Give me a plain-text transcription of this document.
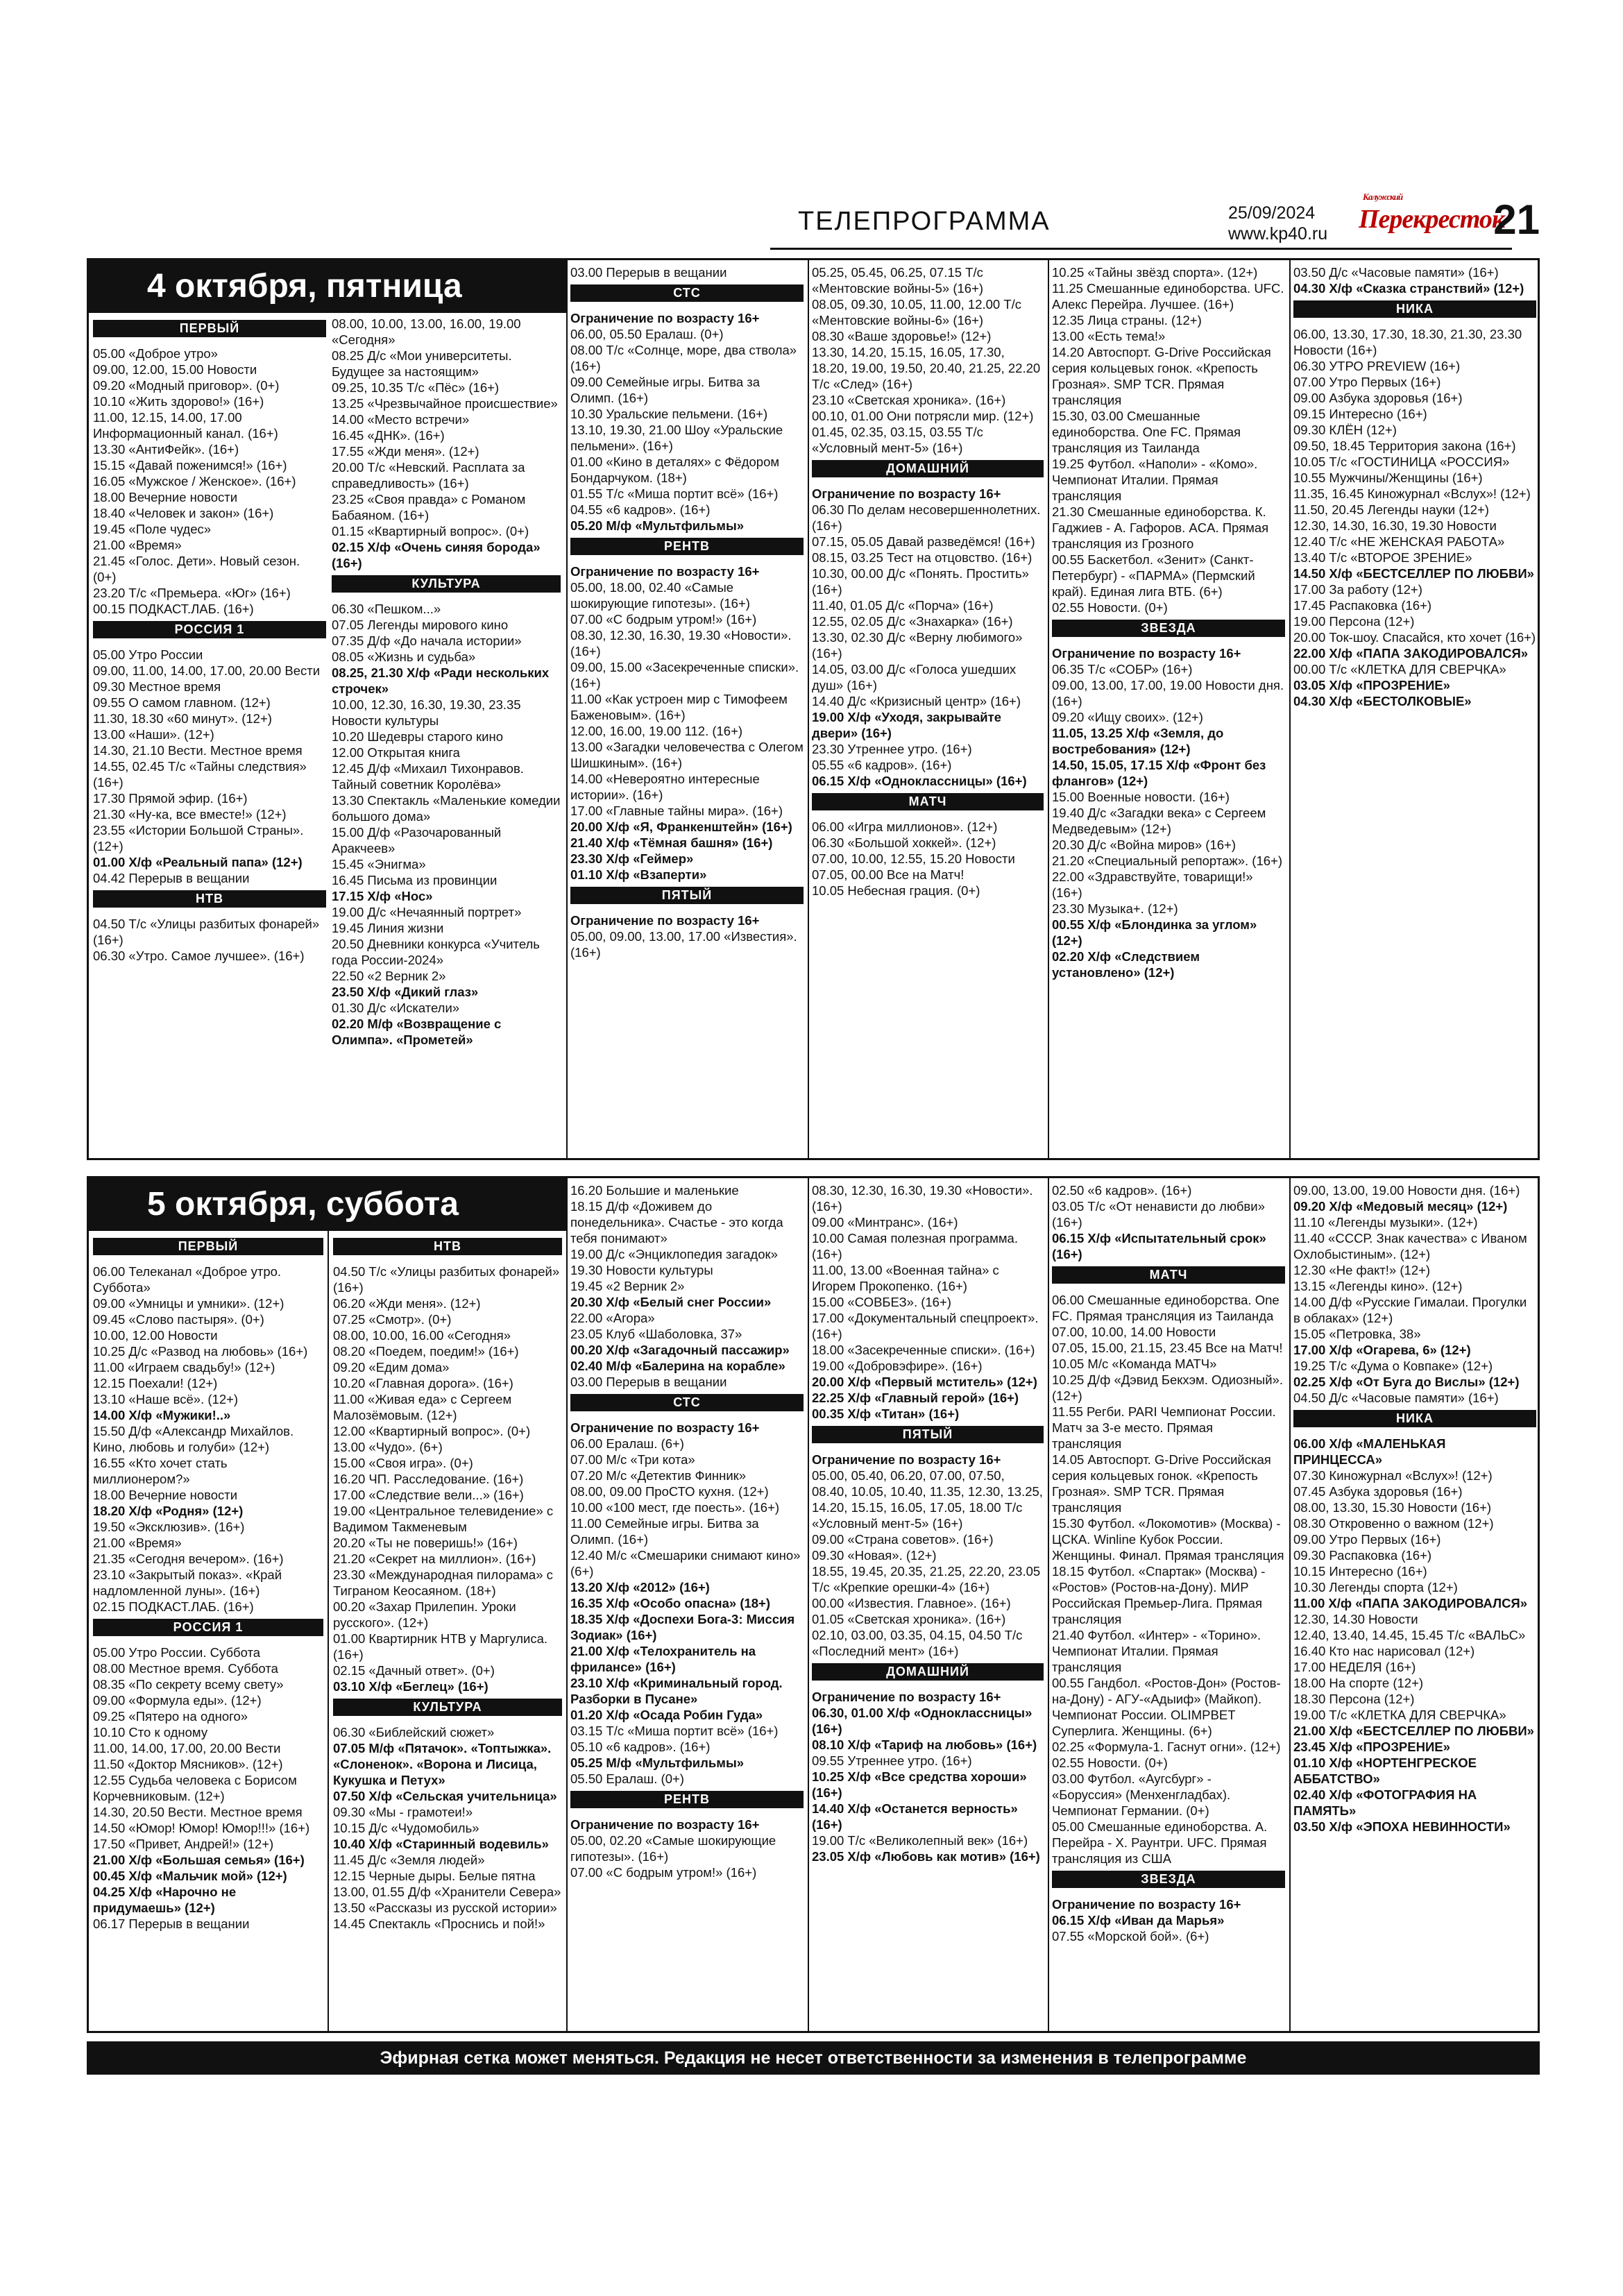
ТЕЛЕПРОГРАММА	25/09/2024
www.kp40.ru
Калужский
Перекресток
21
4 октября, пятница
ПЕРВЫЙ
05.00 «Доброе утро»
09.00, 12.00, 15.00 Новости
09.20 «Модный приговор». (0+)
10.10 «Жить здорово!» (16+)
11.00, 12.15, 14.00, 17.00
Информационный канал. (16+)
13.30 «АнтиФейк». (16+)
15.15 «Давай поженимся!» (16+)
16.05 «Мужское / Женское». (16+)
18.00 Вечерние новости
18.40 «Человек и закон» (16+)
19.45 «Поле чудес»
21.00 «Время»
21.45 «Голос. Дети». Новый сезон. (0+)
23.20 Т/с «Премьера. «Юг» (16+)
00.15 ПОДКАСТ.ЛАБ. (16+)
РОССИЯ 1
05.00 Утро России
09.00, 11.00, 14.00, 17.00, 20.00 Вести
09.30 Местное время
09.55 О самом главном. (12+)
11.30, 18.30 «60 минут». (12+)
13.00 «Наши». (12+)
14.30, 21.10 Вести. Местное время
14.55, 02.45 Т/с «Тайны следствия» (16+)
17.30 Прямой эфир. (16+)
21.30 «Ну-ка, все вместе!» (12+)
23.55 «Истории Большой Страны». (12+)
01.00 Х/ф «Реальный папа» (12+)
04.42 Перерыв в вещании
НТВ
04.50 Т/с «Улицы разбитых фонарей» (16+)
06.30 «Утро. Самое лучшее». (16+)
08.00, 10.00, 13.00, 16.00, 19.00 «Сегодня»
08.25 Д/с «Мои университеты. Будущее за настоящим»
09.25, 10.35 Т/с «Пёс» (16+)
13.25 «Чрезвычайное происшествие»
14.00 «Место встречи»
16.45 «ДНК». (16+)
17.55 «Жди меня». (12+)
20.00 Т/с «Невский. Расплата за справедливость» (16+)
23.25 «Своя правда» с Романом Бабаяном. (16+)
01.15 «Квартирный вопрос». (0+)
02.15 Х/ф «Очень синяя борода» (16+)
КУЛЬТУРА
06.30 «Пешком...»
07.05 Легенды мирового кино
07.35 Д/ф «До начала истории»
08.05 «Жизнь и судьба»
08.25, 21.30 Х/ф «Ради нескольких строчек»
10.00, 12.30, 16.30, 19.30, 23.35 Новости культуры
10.20 Шедевры старого кино
12.00 Открытая книга
12.45 Д/ф «Михаил Тихонравов. Тайный советник Королёва»
13.30 Спектакль «Маленькие комедии большого дома»
15.00 Д/ф «Разочарованный Аракчеев»
15.45 «Энигма»
16.45 Письма из провинции
17.15 Х/ф «Нос»
19.00 Д/с «Нечаянный портрет»
19.45 Линия жизни
20.50 Дневники конкурса «Учитель года России-2024»
22.50 «2 Верник 2»
23.50 Х/ф «Дикий глаз»
01.30 Д/с «Искатели»
02.20 М/ф «Возвращение с Олимпа». «Прометей»
03.00 Перерыв в вещании
СТС
Ограничение по возрасту 16+
06.00, 05.50 Ералаш. (0+)
08.00 Т/с «Солнце, море, два ствола» (16+)
09.00 Семейные игры. Битва за Олимп. (16+)
10.30 Уральские пельмени. (16+)
13.10, 19.30, 21.00 Шоу «Уральские пельмени». (16+)
01.00 «Кино в деталях» с Фёдором Бондарчуком. (18+)
01.55 Т/с «Миша портит всё» (16+)
04.55 «6 кадров». (16+)
05.20 М/ф «Мультфильмы»
РЕНТВ
Ограничение по возрасту 16+
05.00, 18.00, 02.40 «Самые шокирующие гипотезы». (16+)
07.00 «С бодрым утром!» (16+)
08.30, 12.30, 16.30, 19.30 «Новости». (16+)
09.00, 15.00 «Засекреченные списки». (16+)
11.00 «Как устроен мир с Тимофеем Баженовым». (16+)
12.00, 16.00, 19.00 112. (16+)
13.00 «Загадки человечества с Олегом Шишкиным». (16+)
14.00 «Невероятно интересные истории». (16+)
17.00 «Главные тайны мира». (16+)
20.00 Х/ф «Я, Франкенштейн» (16+)
21.40 Х/ф «Тёмная башня» (16+)
23.30 Х/ф «Геймер»
01.10 Х/ф «Взаперти»
ПЯТЫЙ
Ограничение по возрасту 16+
05.00, 09.00, 13.00, 17.00 «Известия». (16+)
05.25, 05.45, 06.25, 07.15 Т/с «Ментовские войны-5» (16+)
08.05, 09.30, 10.05, 11.00, 12.00 Т/с «Ментовские войны-6» (16+)
08.30 «Ваше здоровье!» (12+)
13.30, 14.20, 15.15, 16.05, 17.30, 18.20, 19.00, 19.50, 20.40, 21.25, 22.20 Т/с «След» (16+)
23.10 «Светская хроника». (16+)
00.10, 01.00 Они потрясли мир. (12+)
01.45, 02.35, 03.15, 03.55 Т/с «Условный мент-5» (16+)
ДОМАШНИЙ
Ограничение по возрасту 16+
06.30 По делам несовершеннолетних. (16+)
07.15, 05.05 Давай разведёмся! (16+)
08.15, 03.25 Тест на отцовство. (16+)
10.30, 00.00 Д/с «Понять. Простить» (16+)
11.40, 01.05 Д/с «Порча» (16+)
12.55, 02.05 Д/с «Знахарка» (16+)
13.30, 02.30 Д/с «Верну любимого» (16+)
14.05, 03.00 Д/с «Голоса ушедших душ» (16+)
14.40 Д/с «Кризисный центр» (16+)
19.00 Х/ф «Уходя, закрывайте двери» (16+)
23.30 Утреннее утро. (16+)
05.55 «6 кадров». (16+)
06.15 Х/ф «Одноклассницы» (16+)
МАТЧ
06.00 «Игра миллионов». (12+)
06.30 «Большой хоккей». (12+)
07.00, 10.00, 12.55, 15.20 Новости
07.05, 00.00 Все на Матч!
10.05 Небесная грация. (0+)
10.25 «Тайны звёзд спорта». (12+)
11.25 Смешанные единоборства. UFC. Алекс Перейра. Лучшее. (16+)
12.35 Лица страны. (12+)
13.00 «Есть тема!»
14.20 Автоспорт. G-Drive Российская серия кольцевых гонок. «Крепость Грозная». SMP TCR. Прямая трансляция
15.30, 03.00 Смешанные единоборства. One FC. Прямая трансляция из Таиланда
19.25 Футбол. «Наполи» - «Комо». Чемпионат Италии. Прямая трансляция
21.30 Смешанные единоборства. К. Гаджиев - А. Гафоров. ACA. Прямая трансляция из Грозного
00.55 Баскетбол. «Зенит» (Санкт-Петербург) - «ПАРМА» (Пермский край). Единая лига ВТБ. (6+)
02.55 Новости. (0+)
ЗВЕЗДА
Ограничение по возрасту 16+
06.35 Т/с «СОБР» (16+)
09.00, 13.00, 17.00, 19.00 Новости дня. (16+)
09.20 «Ищу своих». (12+)
11.05, 13.25 Х/ф «Земля, до востребования» (12+)
14.50, 15.05, 17.15 Х/ф «Фронт без флангов» (12+)
15.00 Военные новости. (16+)
19.40 Д/с «Загадки века» с Сергеем Медведевым» (12+)
20.30 Д/с «Война миров» (16+)
21.20 «Специальный репортаж». (16+)
22.00 «Здравствуйте, товарищи!» (16+)
23.30 Музыка+. (12+)
00.55 Х/ф «Блондинка за углом» (12+)
02.20 Х/ф «Следствием установлено» (12+)
03.50 Д/с «Часовые памяти» (16+)
04.30 Х/ф «Сказка странствий» (12+)
НИКА
06.00, 13.30, 17.30, 18.30, 21.30, 23.30 Новости (16+)
06.30 УТРО PREVIEW (16+)
07.00 Утро Первых (16+)
09.00 Азбука здоровья (16+)
09.15 Интересно (16+)
09.30 КЛЁН (12+)
09.50, 18.45 Территория закона (16+)
10.05 Т/с «ГОСТИНИЦА «РОССИЯ»
10.55 Мужчины/Женщины (16+)
11.35, 16.45 Киножурнал «Вслух»! (12+)
11.50, 20.45 Легенды науки (12+)
12.30, 14.30, 16.30, 19.30 Новости
12.40 Т/с «НЕ ЖЕНСКАЯ РАБОТА»
13.40 Т/с «ВТОРОЕ ЗРЕНИЕ»
14.50 Х/ф «БЕСТСЕЛЛЕР ПО ЛЮБВИ»
17.00 За работу (12+)
17.45 Распаковка (16+)
19.00 Персона (12+)
20.00 Ток-шоу. Спасайся, кто хочет (16+)
22.00 Х/ф «ПАПА ЗАКОДИРОВАЛСЯ»
00.00 Т/с «КЛЕТКА ДЛЯ СВЕРЧКА»
03.05 Х/ф «ПРОЗРЕНИЕ»
04.30 Х/ф «БЕСТОЛКОВЫЕ»
5 октября, суббота
ПЕРВЫЙ
06.00 Телеканал «Доброе утро. Суббота»
09.00 «Умницы и умники». (12+)
09.45 «Слово пастыря». (0+)
10.00, 12.00 Новости
10.25 Д/с «Развод на любовь» (16+)
11.00 «Играем свадьбу!» (12+)
12.15 Поехали! (12+)
13.10 «Наше всё». (12+)
14.00 Х/ф «Мужики!..»
15.50 Д/ф «Александр Михайлов. Кино, любовь и голуби» (12+)
16.55 «Кто хочет стать миллионером?»
18.00 Вечерние новости
18.20 Х/ф «Родня» (12+)
19.50 «Эксклюзив». (16+)
21.00 «Время»
21.35 «Сегодня вечером». (16+)
23.10 «Закрытый показ». «Край надломленной луны». (16+)
02.15 ПОДКАСТ.ЛАБ. (16+)
РОССИЯ 1
05.00 Утро России. Суббота
08.00 Местное время. Суббота
08.35 «По секрету всему свету»
09.00 «Формула еды». (12+)
09.25 «Пятеро на одного»
10.10 Сто к одному
11.00, 14.00, 17.00, 20.00 Вести
11.50 «Доктор Мясников». (12+)
12.55 Судьба человека с Борисом Корчевниковым. (12+)
14.30, 20.50 Вести. Местное время
14.50 «Юмор! Юмор! Юмор!!!» (16+)
17.50 «Привет, Андрей!» (12+)
21.00 Х/ф «Большая семья» (16+)
00.45 Х/ф «Мальчик мой» (12+)
04.25 Х/ф «Нарочно не придумаешь» (12+)
06.17 Перерыв в вещании
НТВ
04.50 Т/с «Улицы разбитых фонарей» (16+)
06.20 «Жди меня». (12+)
07.25 «Смотр». (0+)
08.00, 10.00, 16.00 «Сегодня»
08.20 «Поедем, поедим!» (16+)
09.20 «Едим дома»
10.20 «Главная дорога». (16+)
11.00 «Живая еда» с Сергеем Малозёмовым. (12+)
12.00 «Квартирный вопрос». (0+)
13.00 «Чудо». (6+)
15.00 «Своя игра». (0+)
16.20 ЧП. Расследование. (16+)
17.00 «Следствие вели...» (16+)
19.00 «Центральное телевидение» с Вадимом Такменевым
20.20 «Ты не поверишь!» (16+)
21.20 «Секрет на миллион». (16+)
23.30 «Международная пилорама» с Тиграном Кеосаяном. (18+)
00.20 «Захар Прилепин. Уроки русского». (12+)
01.00 Квартирник НТВ у Маргулиса. (16+)
02.15 «Дачный ответ». (0+)
03.10 Х/ф «Беглец» (16+)
КУЛЬТУРА
06.30 «Библейский сюжет»
07.05 М/ф «Пятачок». «Топтыжка». «Слоненок». «Ворона и Лисица, Кукушка и Петух»
07.50 Х/ф «Сельская учительница»
09.30 «Мы - грамотеи!»
10.15 Д/с «Чудомобиль»
10.40 Х/ф «Старинный водевиль»
11.45 Д/с «Земля людей»
12.15 Черные дыры. Белые пятна
13.00, 01.55 Д/ф «Хранители Севера»
13.50 «Рассказы из русской истории»
14.45 Спектакль «Проснись и пой!»
16.20 Большие и маленькие
18.15 Д/ф «Доживем до понедельника». Счастье - это когда тебя понимают»
19.00 Д/с «Энциклопедия загадок»
19.30 Новости культуры
19.45 «2 Верник 2»
20.30 Х/ф «Белый снег России»
22.00 «Агора»
23.05 Клуб «Шаболовка, 37»
00.20 Х/ф «Загадочный пассажир»
02.40 М/ф «Балерина на корабле»
03.00 Перерыв в вещании
СТС
Ограничение по возрасту 16+
06.00 Ералаш. (6+)
07.00 М/с «Три кота»
07.20 М/с «Детектив Финник»
08.00, 09.00 ПроСТО кухня. (12+)
10.00 «100 мест, где поесть». (16+)
11.00 Семейные игры. Битва за Олимп. (16+)
12.40 М/с «Смешарики снимают кино» (6+)
13.20 Х/ф «2012» (16+)
16.35 Х/ф «Особо опасна» (18+)
18.35 Х/ф «Доспехи Бога-3: Миссия Зодиак» (16+)
21.00 Х/ф «Телохранитель на фрилансе» (16+)
23.10 Х/ф «Криминальный город. Разборки в Пусане»
01.20 Х/ф «Осада Робин Гуда»
03.15 Т/с «Миша портит всё» (16+)
05.10 «6 кадров». (16+)
05.25 М/ф «Мультфильмы»
05.50 Ералаш. (0+)
РЕНТВ
Ограничение по возрасту 16+
05.00, 02.20 «Самые шокирующие гипотезы». (16+)
07.00 «С бодрым утром!» (16+)
08.30, 12.30, 16.30, 19.30 «Новости». (16+)
09.00 «Минтранс». (16+)
10.00 Самая полезная программа. (16+)
11.00, 13.00 «Военная тайна» с Игорем Прокопенко. (16+)
15.00 «СОВБЕЗ». (16+)
17.00 «Документальный спецпроект». (16+)
18.00 «Засекреченные списки». (16+)
19.00 «Добровэфире». (16+)
20.00 Х/ф «Первый мститель» (12+)
22.25 Х/ф «Главный герой» (16+)
00.35 Х/ф «Титан» (16+)
ПЯТЫЙ
Ограничение по возрасту 16+
05.00, 05.40, 06.20, 07.00, 07.50, 08.40, 10.05, 10.40, 11.35, 12.30, 13.25, 14.20, 15.15, 16.05, 17.05, 18.00 Т/с «Условный мент-5» (16+)
09.00 «Страна советов». (16+)
09.30 «Новая». (12+)
18.55, 19.45, 20.35, 21.25, 22.20, 23.05 Т/с «Крепкие орешки-4» (16+)
00.00 «Известия. Главное». (16+)
01.05 «Светская хроника». (16+)
02.10, 03.00, 03.35, 04.15, 04.50 Т/с «Последний мент» (16+)
ДОМАШНИЙ
Ограничение по возрасту 16+
06.30, 01.00 Х/ф «Одноклассницы» (16+)
08.10 Х/ф «Тариф на любовь» (16+)
09.55 Утреннее утро. (16+)
10.25 Х/ф «Все средства хороши» (16+)
14.40 Х/ф «Останется верность» (16+)
19.00 Т/с «Великолепный век» (16+)
23.05 Х/ф «Любовь как мотив» (16+)
02.50 «6 кадров». (16+)
03.05 Т/с «От ненависти до любви» (16+)
06.15 Х/ф «Испытательный срок» (16+)
МАТЧ
06.00 Смешанные единоборства. One FC. Прямая трансляция из Таиланда
07.00, 10.00, 14.00 Новости
07.05, 15.00, 21.15, 23.45 Все на Матч!
10.05 М/с «Команда МАТЧ»
10.25 Д/ф «Дэвид Бекхэм. Одиозный». (12+)
11.55 Регби. PARI Чемпионат России. Матч за 3-е место. Прямая трансляция
14.05 Автоспорт. G-Drive Российская серия кольцевых гонок. «Крепость Грозная». SMP TCR. Прямая трансляция
15.30 Футбол. «Локомотив» (Москва) - ЦСКА. Winline Кубок России. Женщины. Финал. Прямая трансляция
18.15 Футбол. «Спартак» (Москва) - «Ростов» (Ростов-на-Дону). МИР Российская Премьер-Лига. Прямая трансляция
21.40 Футбол. «Интер» - «Торино». Чемпионат Италии. Прямая трансляция
00.55 Гандбол. «Ростов-Дон» (Ростов-на-Дону) - АГУ-«Адыиф» (Майкоп). Чемпионат России. OLIMPBET Суперлига. Женщины. (6+)
02.25 «Формула-1. Гаснут огни». (12+)
02.55 Новости. (0+)
03.00 Футбол. «Аугсбург» - «Боруссия» (Менхенгладбах). Чемпионат Германии. (0+)
05.00 Смешанные единоборства. А. Перейра - Х. Раунтри. UFC. Прямая трансляция из США
ЗВЕЗДА
Ограничение по возрасту 16+
06.15 Х/ф «Иван да Марья»
07.55 «Морской бой». (6+)
09.00, 13.00, 19.00 Новости дня. (16+)
09.20 Х/ф «Медовый месяц» (12+)
11.10 «Легенды музыки». (12+)
11.40 «СССР. Знак качества» с Иваном Охлобыстиным». (12+)
12.30 «Не факт!» (12+)
13.15 «Легенды кино». (12+)
14.00 Д/ф «Русские Гималаи. Прогулки в облаках» (12+)
15.05 «Петровка, 38»
17.00 Х/ф «Огарева, 6» (12+)
19.25 Т/с «Дума о Ковпаке» (12+)
02.25 Х/ф «От Буга до Вислы» (12+)
04.50 Д/с «Часовые памяти» (16+)
НИКА
06.00 Х/ф «МАЛЕНЬКАЯ ПРИНЦЕССА»
07.30 Киножурнал «Вслух»! (12+)
07.45 Азбука здоровья (16+)
08.00, 13.30, 15.30 Новости (16+)
08.30 Откровенно о важном (12+)
09.00 Утро Первых (16+)
09.30 Распаковка (16+)
10.15 Интересно (16+)
10.30 Легенды спорта (12+)
11.00 Х/ф «ПАПА ЗАКОДИРОВАЛСЯ»
12.30, 14.30 Новости
12.40, 13.40, 14.45, 15.45 Т/с «ВАЛЬС»
16.40 Кто нас нарисовал (12+)
17.00 НЕДЕЛЯ (16+)
18.00 На спорте (12+)
18.30 Персона (12+)
19.00 Т/с «КЛЕТКА ДЛЯ СВЕРЧКА»
21.00 Х/ф «БЕСТСЕЛЛЕР ПО ЛЮБВИ»
23.45 Х/ф «ПРОЗРЕНИЕ»
01.10 Х/ф «НОРТЕНГРЕСКОЕ АББАТСТВО»
02.40 Х/ф «ФОТОГРАФИЯ НА ПАМЯТЬ»
03.50 Х/ф «ЭПОХА НЕВИННОСТИ»
Эфирная сетка может меняться. Редакция не несет ответственности за изменения в телепрограмме
